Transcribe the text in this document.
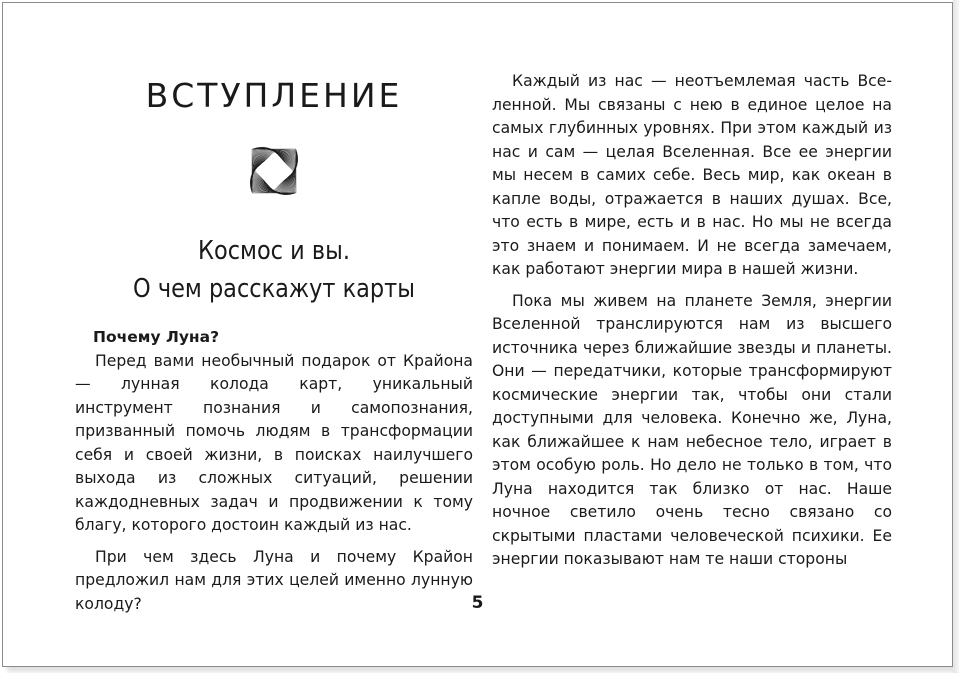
ВСТУПЛЕНИЕ
Космос и вы.
О чем расскажут карты
Почему Луна?

Перед вами необычный подарок от Крайона — лунная колода карт, уникальный инструмент познания и самопознания, призванный помочь людям в трансформации себя и своей жизни, в поисках наилучшего выхода из сложных ситуаций, решении каждодневных задач и продвижении к тому благу, которого достоин каждый из нас.

При чем здесь Луна и почему Крайон предложил нам для этих целей именно лунную колоду?

Каждый из нас — неотъемлемая часть Вселенной. Мы связаны с нею в единое целое на самых глубинных уровнях. При этом каждый из нас и сам — целая Вселенная. Все ее энергии мы несем в самих себе. Весь мир, как океан в капле воды, отражается в наших душах. Все, что есть в мире, есть и в нас. Но мы не всегда это знаем и понимаем. И не всегда замечаем, как работают энергии мира в нашей жизни.

Пока мы живем на планете Земля, энергии Вселенной транслируются нам из высшего источника через ближайшие звезды и планеты. Они — передатчики, которые трансформируют космические энергии так, чтобы они стали доступными для человека. Конечно же, Луна, как ближайшее к нам небесное тело, играет в этом особую роль. Но дело не только в том, что Луна находится так близко от нас. Наше ночное светило очень тесно связано со скрытыми пластами человеческой психики. Ее энергии показывают нам те наши стороны

5
